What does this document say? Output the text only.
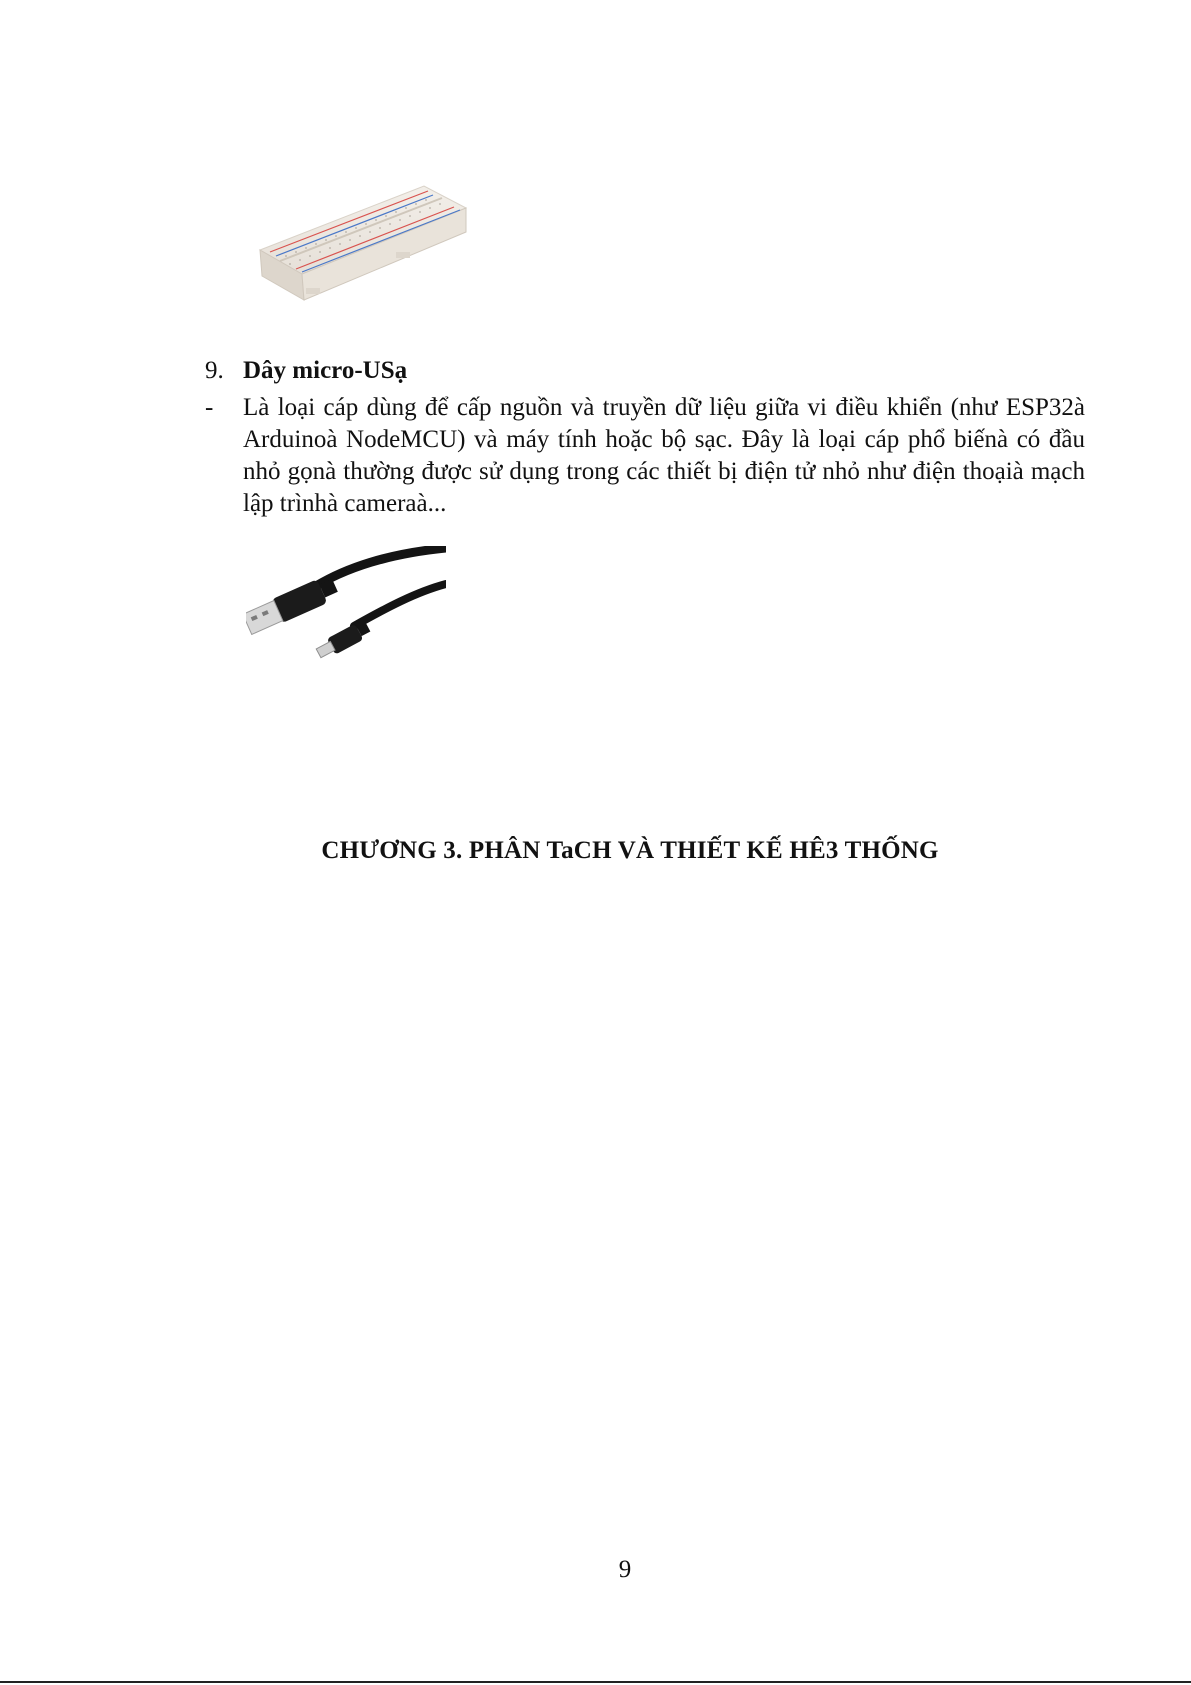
9. Dây micro-USạ
- Là loại cáp dùng để cấp nguồn và truyền dữ liệu giữa vi điều khiển (như ESP32à Arduinoà NodeMCU) và máy tính hoặc bộ sạc. Đây là loại cáp phổ biếnà có đầu nhỏ gọnà thường được sử dụng trong các thiết bị điện tử nhỏ như điện thoạià mạch lập trìnhà cameraà...
CHƯƠNG 3. PHÂN TaCH VÀ THIẾT KẾ HÊ3 THỐNG
9
